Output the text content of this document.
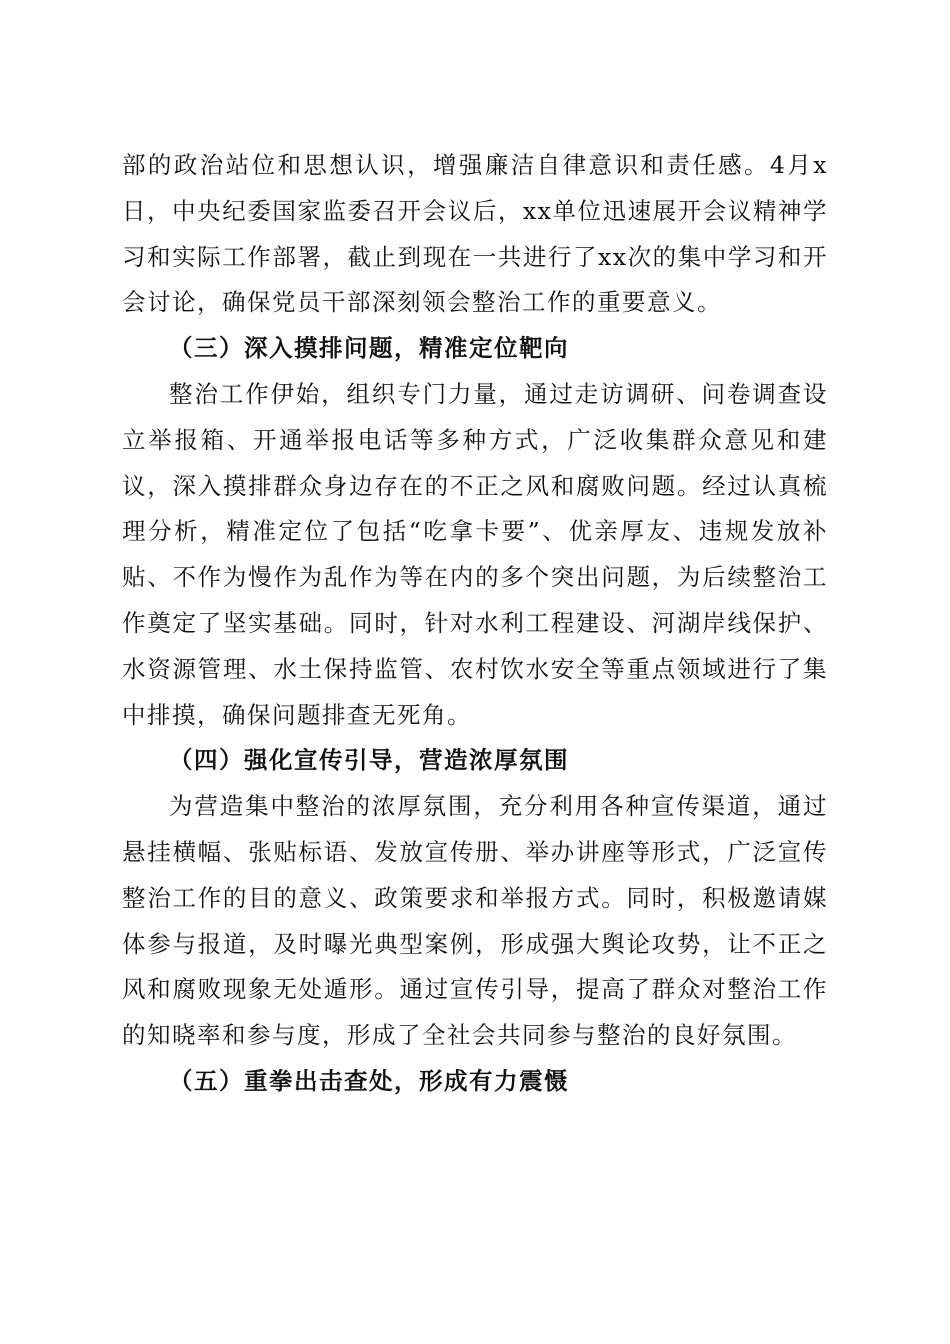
部的政治站位和思想认识，增强廉洁自律意识和责任感。4月x日，中央纪委国家监委召开会议后，xx单位迅速展开会议精神学习和实际工作部署，截止到现在一共进行了xx次的集中学习和开会讨论，确保党员干部深刻领会整治工作的重要意义。

（三）深入摸排问题，精准定位靶向

整治工作伊始，组织专门力量，通过走访调研、问卷调查设立举报箱、开通举报电话等多种方式，广泛收集群众意见和建议，深入摸排群众身边存在的不正之风和腐败问题。经过认真梳理分析，精准定位了包括“吃拿卡要”、优亲厚友、违规发放补贴、不作为慢作为乱作为等在内的多个突出问题，为后续整治工作奠定了坚实基础。同时，针对水利工程建设、河湖岸线保护、水资源管理、水土保持监管、农村饮水安全等重点领域进行了集中排摸，确保问题排查无死角。

（四）强化宣传引导，营造浓厚氛围

为营造集中整治的浓厚氛围，充分利用各种宣传渠道，通过悬挂横幅、张贴标语、发放宣传册、举办讲座等形式，广泛宣传整治工作的目的意义、政策要求和举报方式。同时，积极邀请媒体参与报道，及时曝光典型案例，形成强大舆论攻势，让不正之风和腐败现象无处遁形。通过宣传引导，提高了群众对整治工作的知晓率和参与度，形成了全社会共同参与整治的良好氛围。

（五）重拳出击查处，形成有力震慑
